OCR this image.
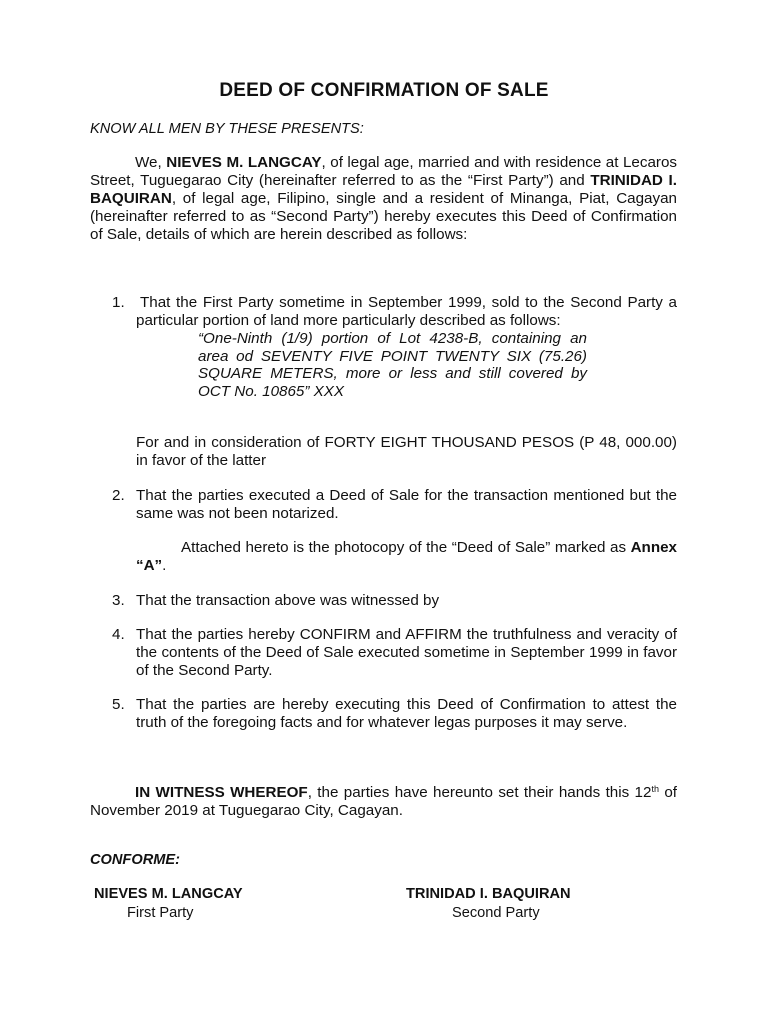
DEED OF CONFIRMATION OF SALE
KNOW ALL MEN BY THESE PRESENTS:
We, NIEVES M. LANGCAY, of legal age, married and with residence at Lecaros Street, Tuguegarao City (hereinafter referred to as the “First Party”) and TRINIDAD I. BAQUIRAN, of legal age, Filipino, single and a resident of Minanga, Piat, Cagayan (hereinafter referred to as “Second Party”) hereby executes this Deed of Confirmation of Sale, details of which are herein described as follows:
1.	That the First Party sometime in September 1999, sold to the Second Party a particular portion of land more particularly described as follows:
“One-Ninth (1/9) portion of Lot 4238-B, containing an area od SEVENTY FIVE POINT TWENTY SIX (75.26) SQUARE METERS, more or less and still covered by OCT No. 10865” XXX
For and in consideration of FORTY EIGHT THOUSAND PESOS (P 48, 000.00) in favor of the latter
2. That the parties executed a Deed of Sale for the transaction mentioned but the same was not been notarized.
Attached hereto is the photocopy of the “Deed of Sale” marked as Annex “A”.
3. That the transaction above was witnessed by
4. That the parties hereby CONFIRM and AFFIRM the truthfulness and veracity of the contents of the Deed of Sale executed sometime in September 1999 in favor of the Second Party.
5. That the parties are hereby executing this Deed of Confirmation to attest the truth of the foregoing facts and for whatever legas purposes it may serve.
IN WITNESS WHEREOF, the parties have hereunto set their hands this 12th of November 2019 at Tuguegarao City, Cagayan.
CONFORME:
NIEVES M. LANGCAY
First Party
TRINIDAD I. BAQUIRAN
Second Party
